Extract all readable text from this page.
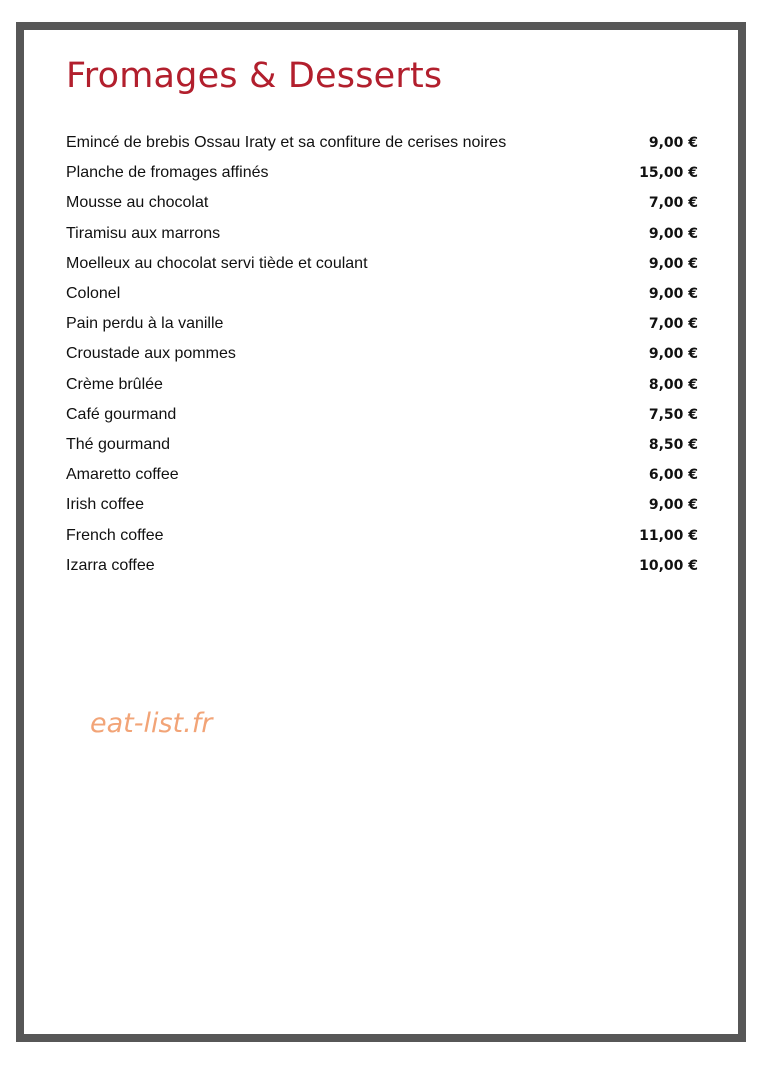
Fromages & Desserts
Emincé de brebis Ossau Iraty et sa confiture de cerises noires	9,00 €
Planche de fromages affinés	15,00 €
Mousse au chocolat	7,00 €
Tiramisu aux marrons	9,00 €
Moelleux au chocolat servi tiède et coulant	9,00 €
Colonel	9,00 €
Pain perdu à la vanille	7,00 €
Croustade aux pommes	9,00 €
Crème brûlée	8,00 €
Café gourmand	7,50 €
Thé gourmand	8,50 €
Amaretto coffee	6,00 €
Irish coffee	9,00 €
French coffee	11,00 €
Izarra coffee	10,00 €
eat-list.fr
